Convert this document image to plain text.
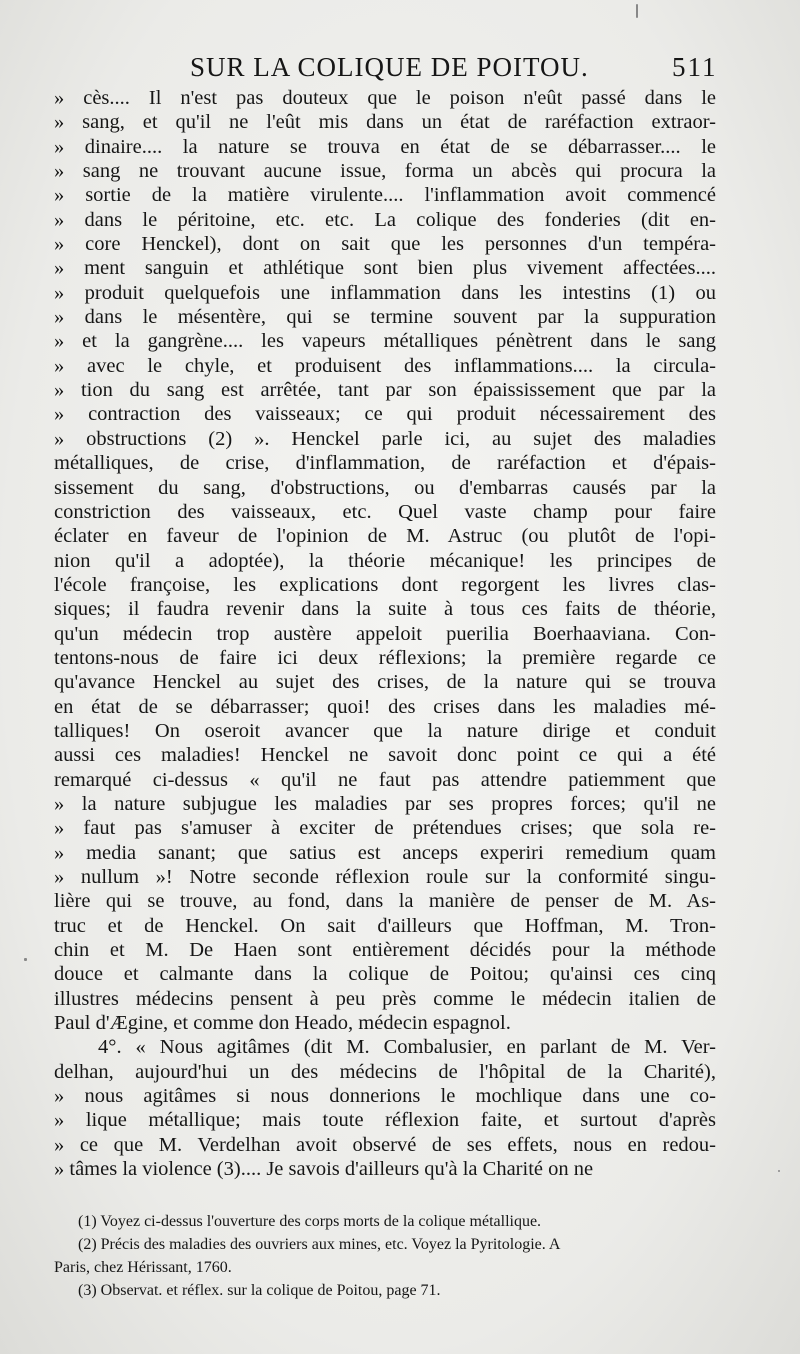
SUR LA COLIQUE DE POITOU.	511
» cès.... Il n'est pas douteux que le poison n'eût passé dans le
» sang, et qu'il ne l'eût mis dans un état de raréfaction extraor-
» dinaire.... la nature se trouva en état de se débarrasser.... le
» sang ne trouvant aucune issue, forma un abcès qui procura la
» sortie de la matière virulente.... l'inflammation avoit commencé
» dans le péritoine, etc. etc. La colique des fonderies (dit en-
» core Henckel), dont on sait que les personnes d'un tempéra-
» ment sanguin et athlétique sont bien plus vivement affectées....
» produit quelquefois une inflammation dans les intestins (1) ou
» dans le mésentère, qui se termine souvent par la suppuration
» et la gangrène.... les vapeurs métalliques pénètrent dans le sang
» avec le chyle, et produisent des inflammations.... la circula-
» tion du sang est arrêtée, tant par son épaississement que par la
» contraction des vaisseaux; ce qui produit nécessairement des
» obstructions (2) ». Henckel parle ici, au sujet des maladies
métalliques, de crise, d'inflammation, de raréfaction et d'épais-
sissement du sang, d'obstructions, ou d'embarras causés par la
constriction des vaisseaux, etc. Quel vaste champ pour faire
éclater en faveur de l'opinion de M. Astruc (ou plutôt de l'opi-
nion qu'il a adoptée), la théorie mécanique! les principes de
l'école françoise, les explications dont regorgent les livres clas-
siques; il faudra revenir dans la suite à tous ces faits de théorie,
qu'un médecin trop austère appeloit puerilia Boerhaaviana. Con-
tentons-nous de faire ici deux réflexions; la première regarde ce
qu'avance Henckel au sujet des crises, de la nature qui se trouva
en état de se débarrasser; quoi! des crises dans les maladies mé-
talliques! On oseroit avancer que la nature dirige et conduit
aussi ces maladies! Henckel ne savoit donc point ce qui a été
remarqué ci-dessus « qu'il ne faut pas attendre patiemment que
» la nature subjugue les maladies par ses propres forces; qu'il ne
» faut pas s'amuser à exciter de prétendues crises; que sola re-
» media sanant; que satius est anceps experiri remedium quam
» nullum »! Notre seconde réflexion roule sur la conformité singu-
lière qui se trouve, au fond, dans la manière de penser de M. As-
truc et de Henckel. On sait d'ailleurs que Hoffman, M. Tron-
chin et M. De Haen sont entièrement décidés pour la méthode
douce et calmante dans la colique de Poitou; qu'ainsi ces cinq
illustres médecins pensent à peu près comme le médecin italien de
Paul d'Ægine, et comme don Heado, médecin espagnol.
4°. « Nous agitâmes (dit M. Combalusier, en parlant de M. Ver-
delhan, aujourd'hui un des médecins de l'hôpital de la Charité),
» nous agitâmes si nous donnerions le mochlique dans une co-
» lique métallique; mais toute réflexion faite, et surtout d'après
» ce que M. Verdelhan avoit observé de ses effets, nous en redou-
» tâmes la violence (3).... Je savois d'ailleurs qu'à la Charité on ne
(1) Voyez ci-dessus l'ouverture des corps morts de la colique métallique.
(2) Précis des maladies des ouvriers aux mines, etc. Voyez la Pyritologie. A
Paris, chez Hérissant, 1760.
(3) Observat. et réflex. sur la colique de Poitou, page 71.
